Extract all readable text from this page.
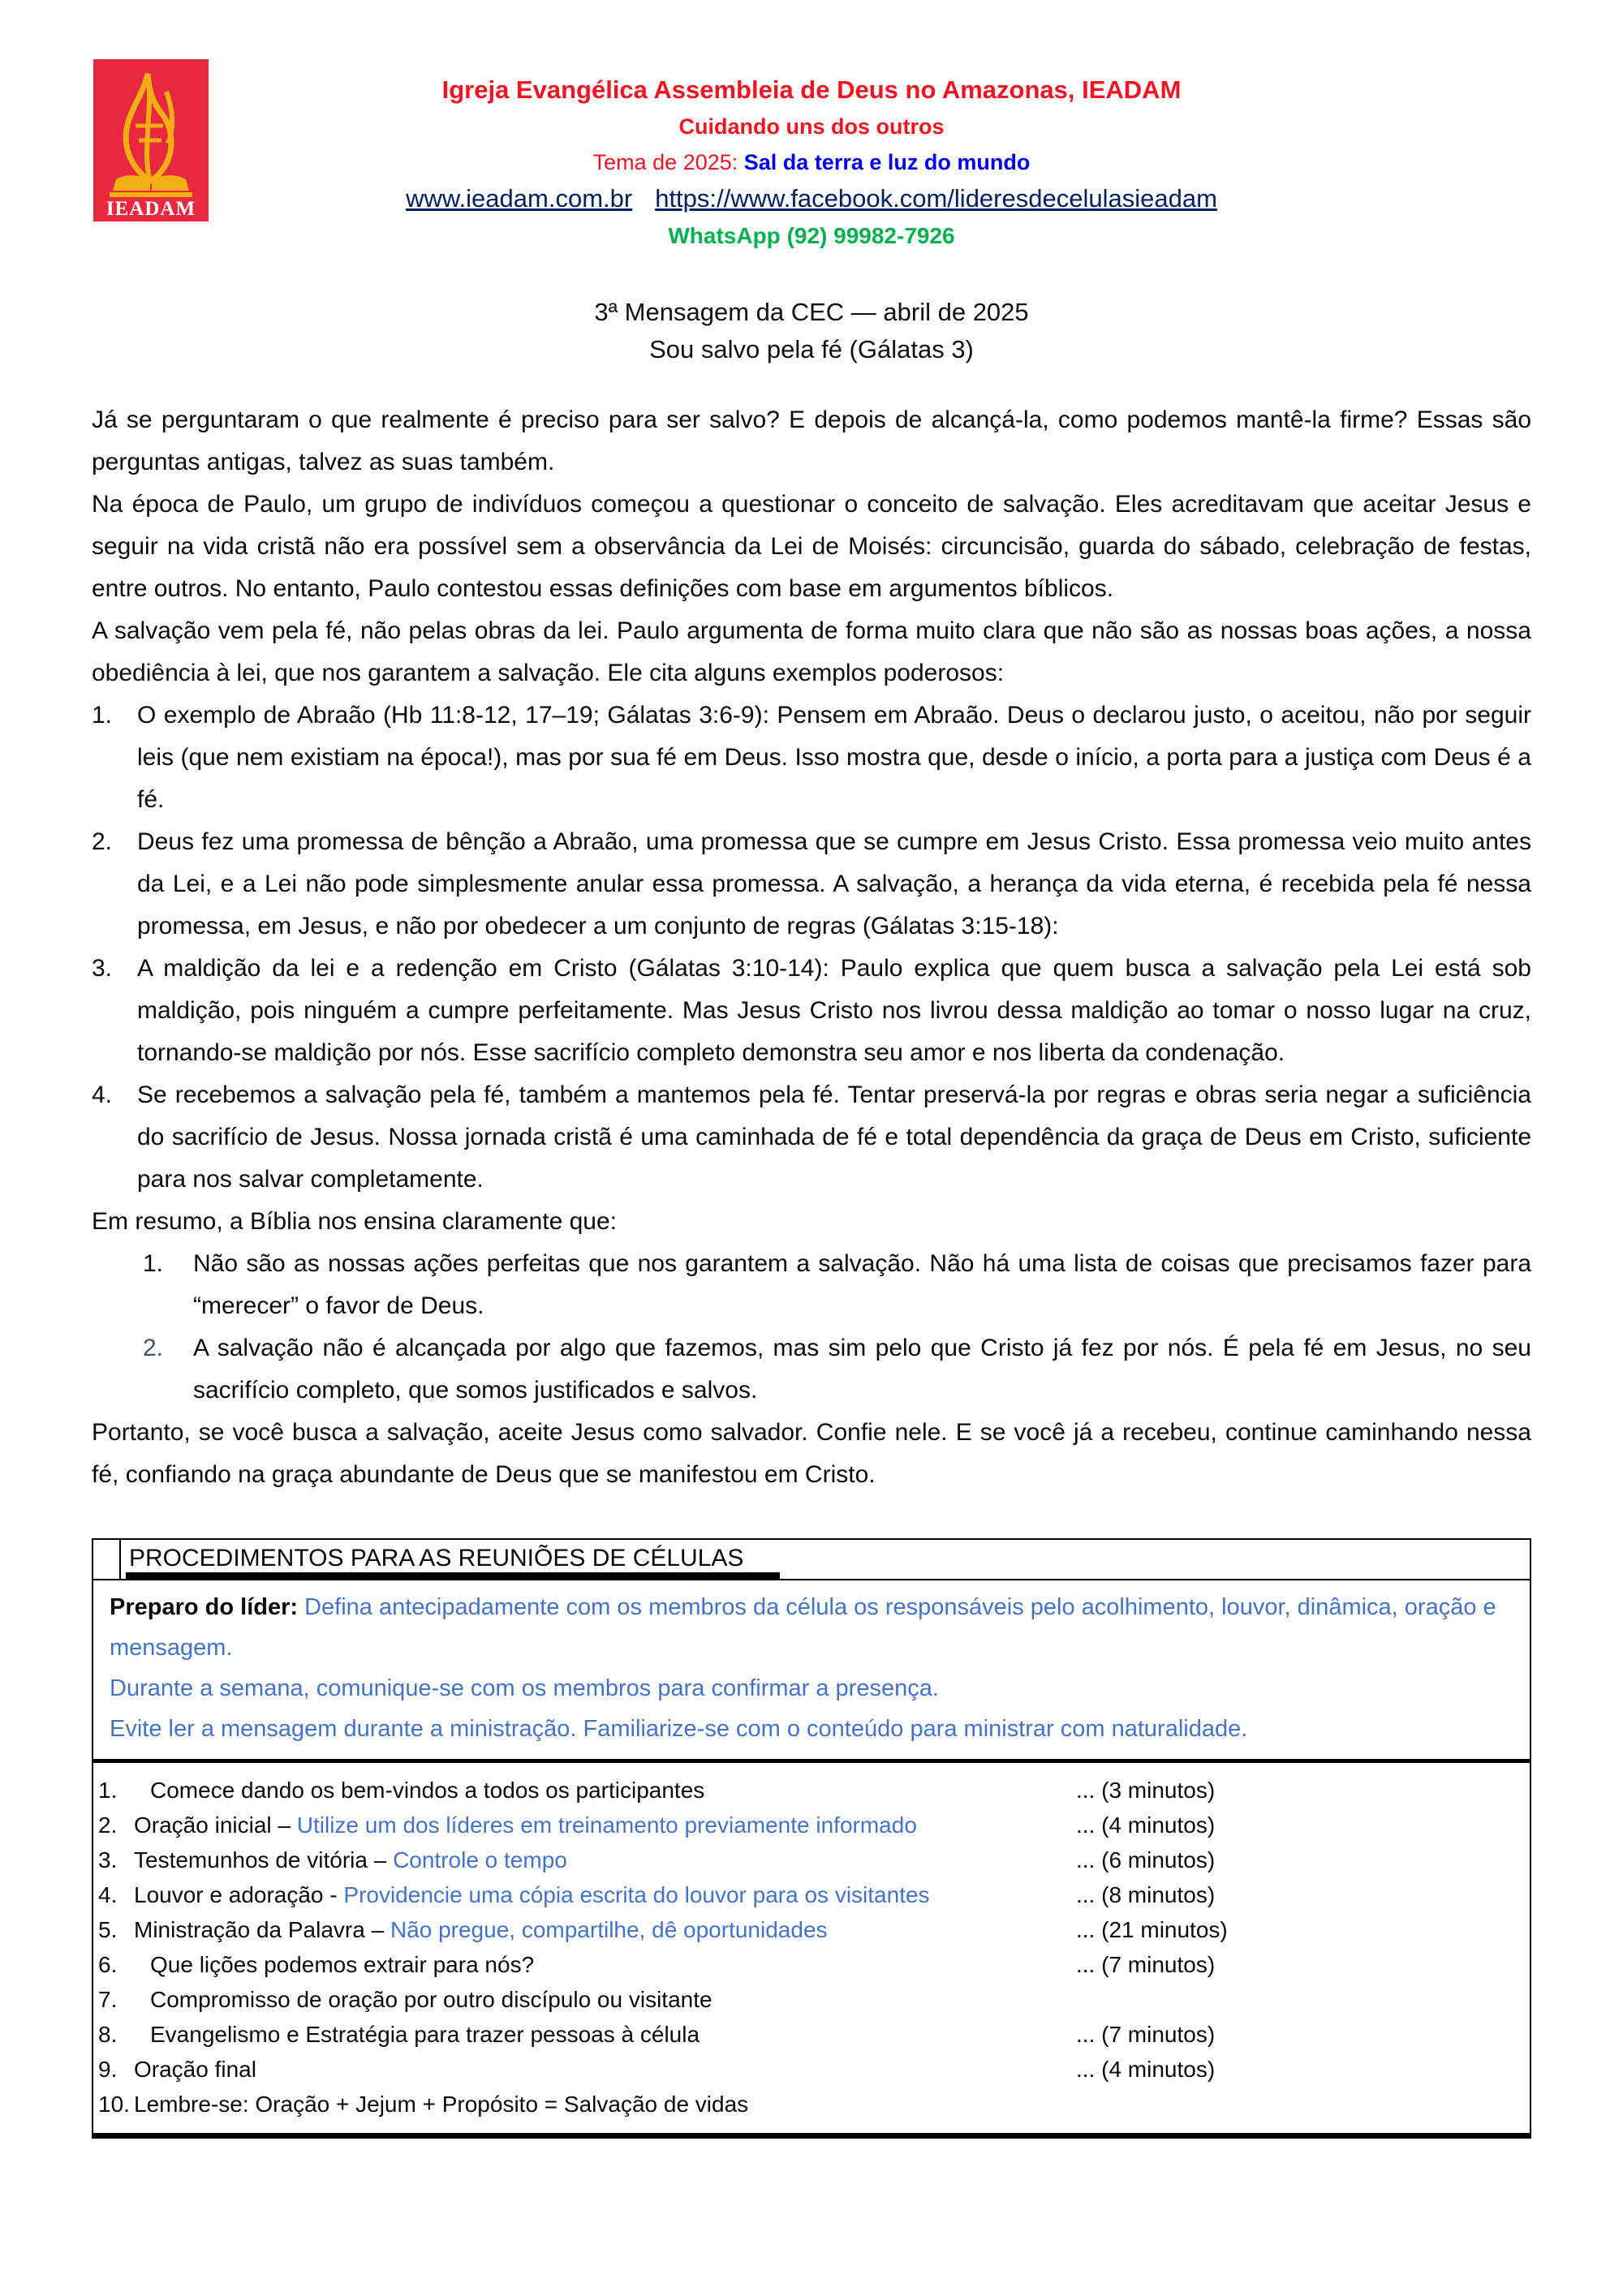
IEADAM
Igreja Evangélica Assembleia de Deus no Amazonas, IEADAM
Cuidando uns dos outros
Tema de 2025: Sal da terra e luz do mundo
www.ieadam.com.br https://www.facebook.com/lideresdecelulasieadam
WhatsApp (92) 99982-7926
3ª Mensagem da CEC — abril de 2025
Sou salvo pela fé (Gálatas 3)

Já se perguntaram o que realmente é preciso para ser salvo? E depois de alcançá-la, como podemos mantê-la firme? Essas são perguntas antigas, talvez as suas também.

Na época de Paulo, um grupo de indivíduos começou a questionar o conceito de salvação. Eles acreditavam que aceitar Jesus e seguir na vida cristã não era possível sem a observância da Lei de Moisés: circuncisão, guarda do sábado, celebração de festas, entre outros. No entanto, Paulo contestou essas definições com base em argumentos bíblicos.

A salvação vem pela fé, não pelas obras da lei. Paulo argumenta de forma muito clara que não são as nossas boas ações, a nossa obediência à lei, que nos garantem a salvação. Ele cita alguns exemplos poderosos:

1. O exemplo de Abraão (Hb 11:8-12, 17–19; Gálatas 3:6-9): Pensem em Abraão. Deus o declarou justo, o aceitou, não por seguir leis (que nem existiam na época!), mas por sua fé em Deus. Isso mostra que, desde o início, a porta para a justiça com Deus é a fé.
2. Deus fez uma promessa de bênção a Abraão, uma promessa que se cumpre em Jesus Cristo. Essa promessa veio muito antes da Lei, e a Lei não pode simplesmente anular essa promessa. A salvação, a herança da vida eterna, é recebida pela fé nessa promessa, em Jesus, e não por obedecer a um conjunto de regras (Gálatas 3:15-18):
3. A maldição da lei e a redenção em Cristo (Gálatas 3:10-14): Paulo explica que quem busca a salvação pela Lei está sob maldição, pois ninguém a cumpre perfeitamente. Mas Jesus Cristo nos livrou dessa maldição ao tomar o nosso lugar na cruz, tornando-se maldição por nós. Esse sacrifício completo demonstra seu amor e nos liberta da condenação.
4. Se recebemos a salvação pela fé, também a mantemos pela fé. Tentar preservá-la por regras e obras seria negar a suficiência do sacrifício de Jesus. Nossa jornada cristã é uma caminhada de fé e total dependência da graça de Deus em Cristo, suficiente para nos salvar completamente.

Em resumo, a Bíblia nos ensina claramente que:

1. Não são as nossas ações perfeitas que nos garantem a salvação. Não há uma lista de coisas que precisamos fazer para “merecer” o favor de Deus.
2. A salvação não é alcançada por algo que fazemos, mas sim pelo que Cristo já fez por nós. É pela fé em Jesus, no seu sacrifício completo, que somos justificados e salvos.

Portanto, se você busca a salvação, aceite Jesus como salvador. Confie nele. E se você já a recebeu, continue caminhando nessa fé, confiando na graça abundante de Deus que se manifestou em Cristo.

PROCEDIMENTOS PARA AS REUNIÕES DE CÉLULAS
Preparo do líder: Defina antecipadamente com os membros da célula os responsáveis pelo acolhimento, louvor, dinâmica, oração e mensagem.
Durante a semana, comunique-se com os membros para confirmar a presença.
Evite ler a mensagem durante a ministração. Familiarize-se com o conteúdo para ministrar com naturalidade.
1. Comece dando os bem-vindos a todos os participantes	... (3 minutos)
2. Oração inicial – Utilize um dos líderes em treinamento previamente informado	... (4 minutos)
3. Testemunhos de vitória – Controle o tempo	... (6 minutos)
4. Louvor e adoração - Providencie uma cópia escrita do louvor para os visitantes	... (8 minutos)
5. Ministração da Palavra – Não pregue, compartilhe, dê oportunidades	... (21 minutos)
6. Que lições podemos extrair para nós?	... (7 minutos)
7. Compromisso de oração por outro discípulo ou visitante
8. Evangelismo e Estratégia para trazer pessoas à célula	... (7 minutos)
9. Oração final	... (4 minutos)
10. Lembre-se: Oração + Jejum + Propósito = Salvação de vidas
